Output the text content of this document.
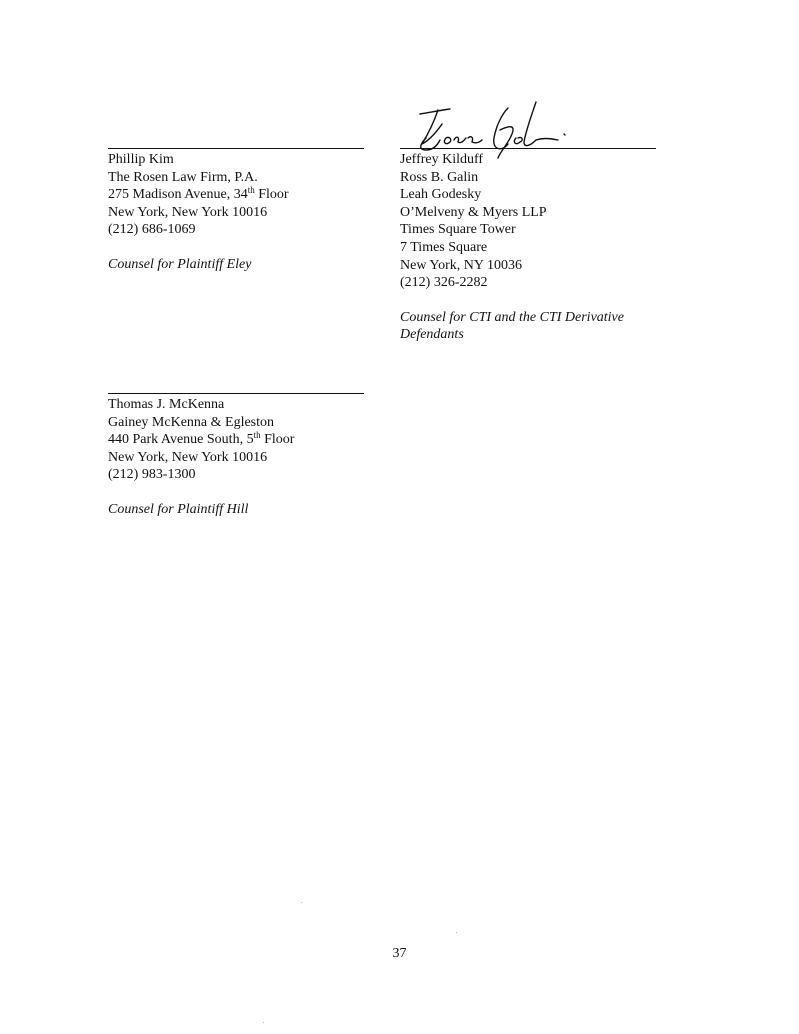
Phillip Kim
The Rosen Law Firm, P.A.
275 Madison Avenue, 34th Floor
New York, New York 10016
(212) 686-1069
Counsel for Plaintiff Eley
Jeffrey Kilduff
Ross B. Galin
Leah Godesky
O’Melveny & Myers LLP
Times Square Tower
7 Times Square
New York, NY 10036
(212) 326-2282
Counsel for CTI and the CTI Derivative Defendants
Thomas J. McKenna
Gainey McKenna & Egleston
440 Park Avenue South, 5th Floor
New York, New York 10016
(212) 983-1300
Counsel for Plaintiff Hill
37
